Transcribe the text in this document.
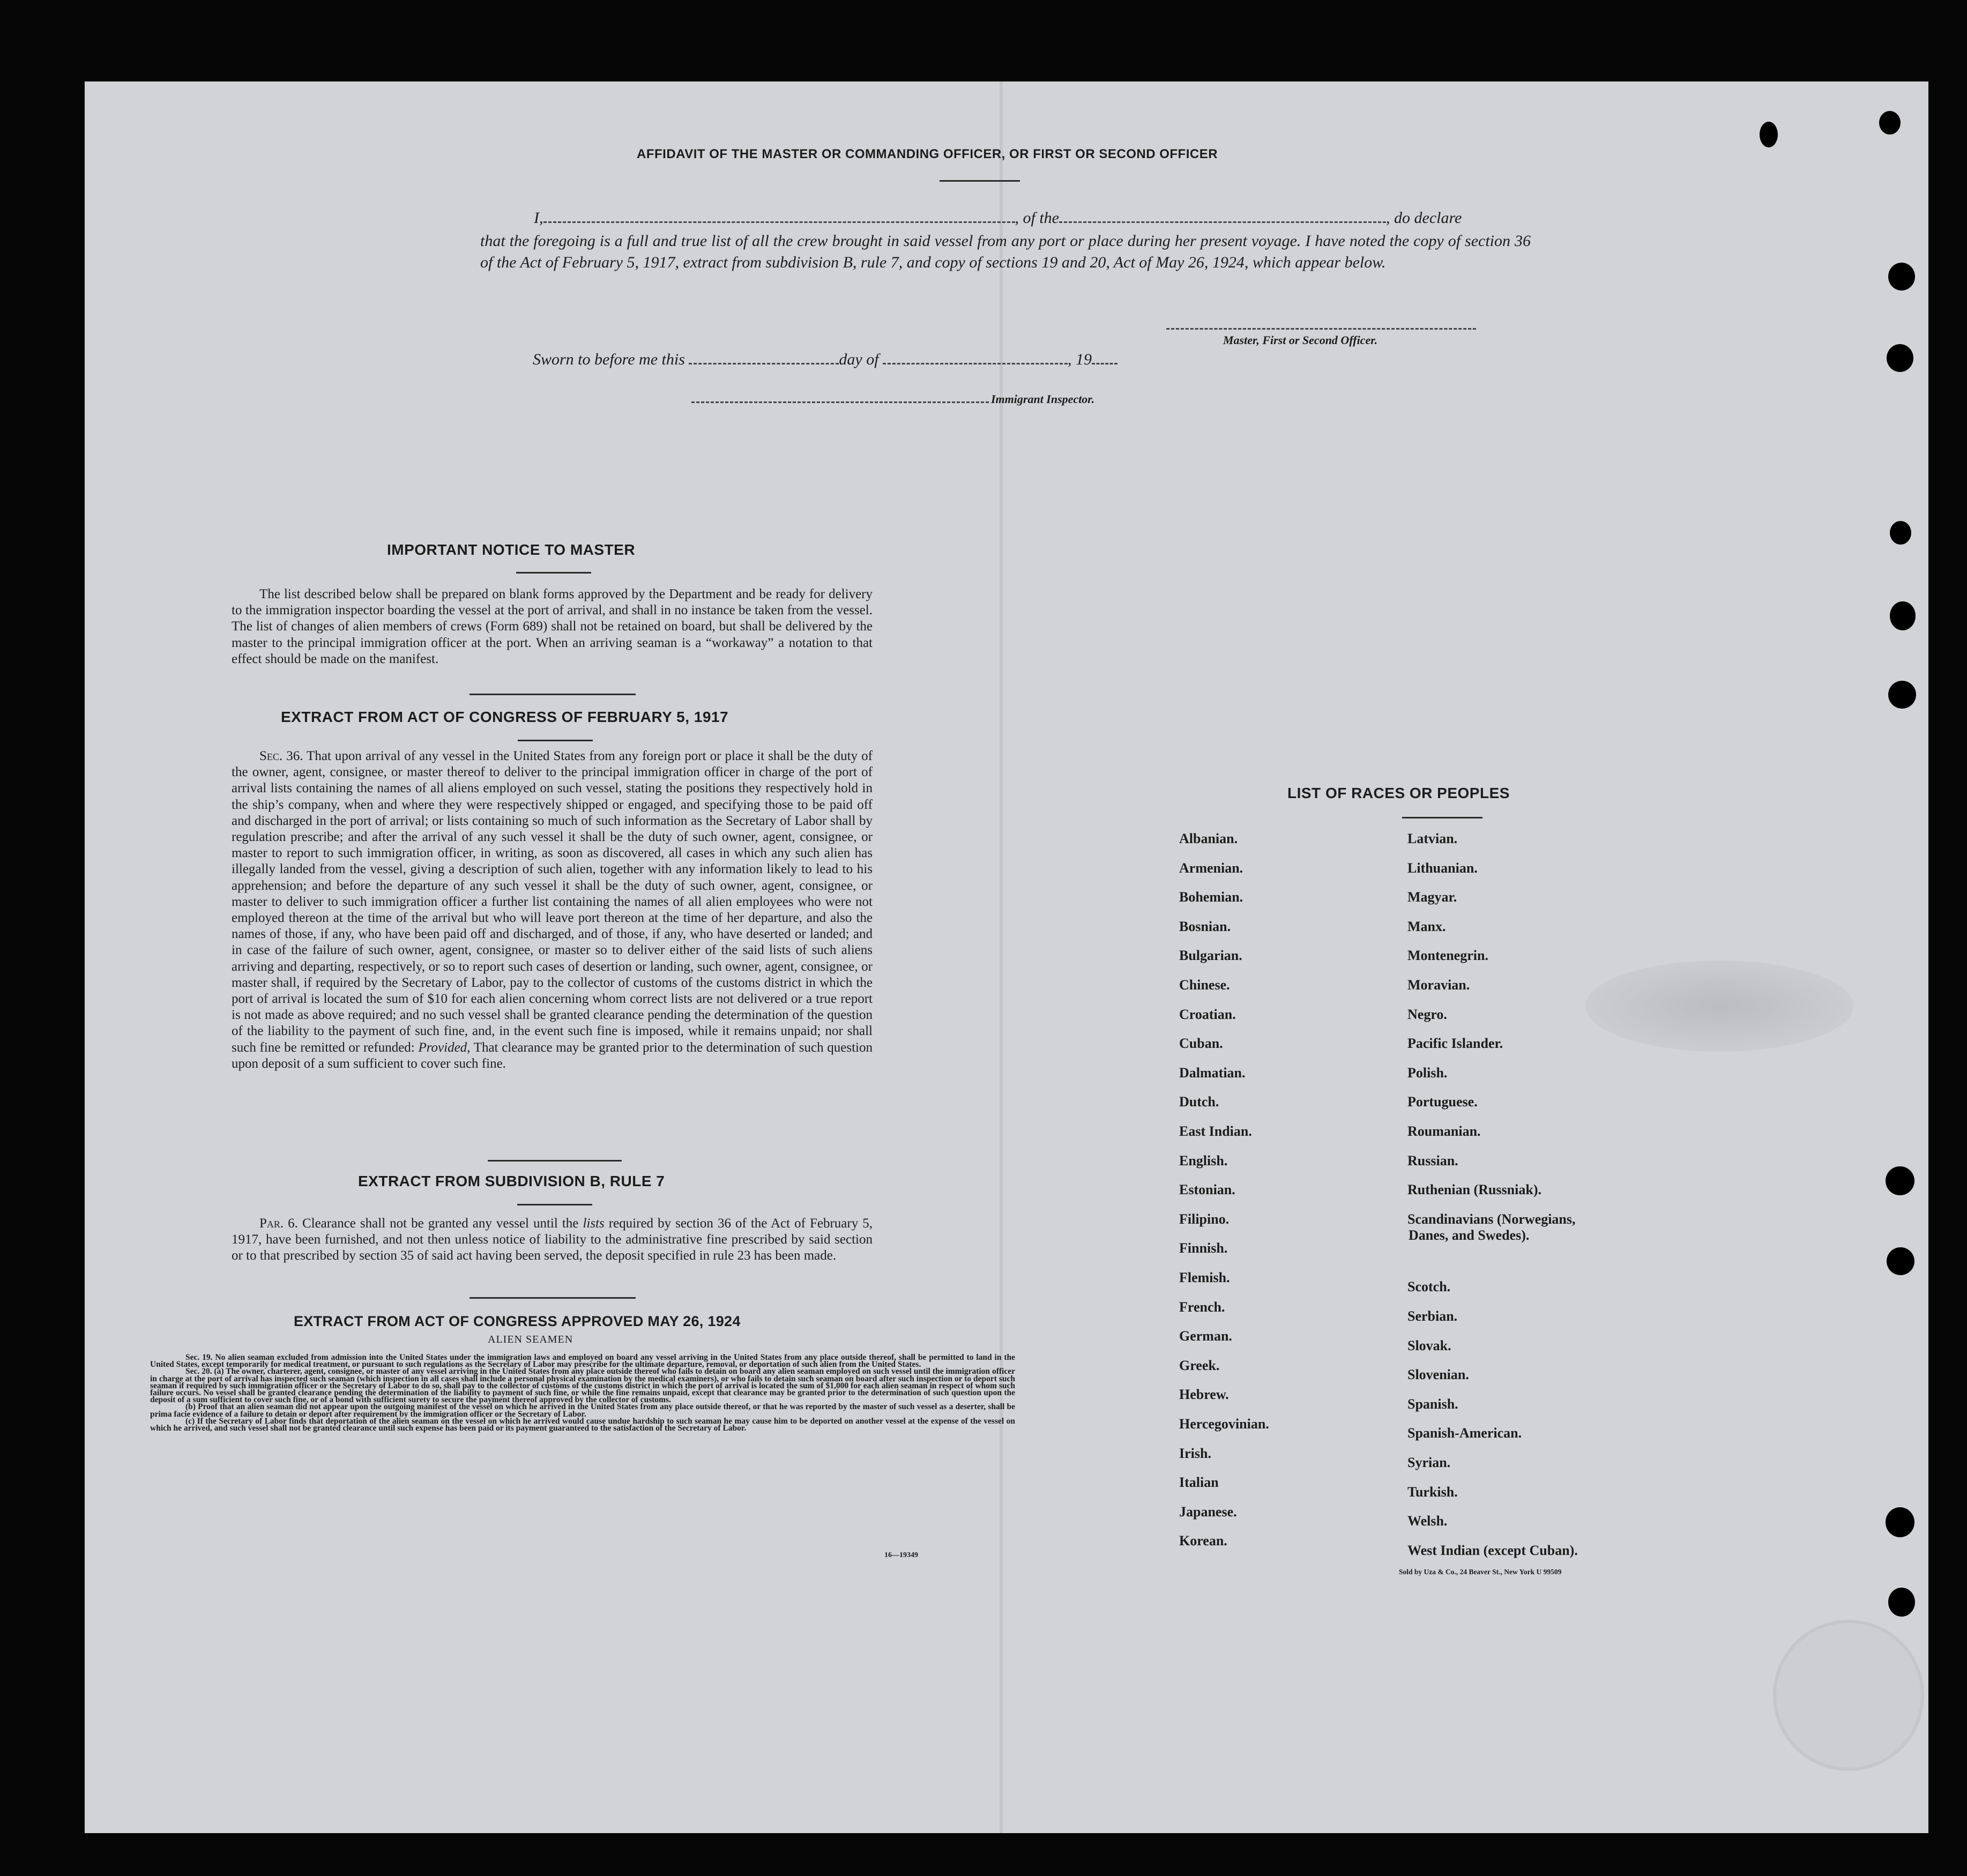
AFFIDAVIT OF THE MASTER OR COMMANDING OFFICER, OR FIRST OR SECOND OFFICER
I,	, of the	, do declare
that the foregoing is a full and true list of all the crew brought in said vessel from any port or place during her present voyage. I have noted the copy of section 36 of the Act of February 5, 1917, extract from subdivision B, rule 7, and copy of sections 19 and 20, Act of May 26, 1924, which appear below.
Master, First or Second Officer.
Sworn to before me this	day of	, 19
Immigrant Inspector.
IMPORTANT NOTICE TO MASTER
The list described below shall be prepared on blank forms approved by the Department and be ready for delivery to the immigration inspector boarding the vessel at the port of arrival, and shall in no instance be taken from the vessel. The list of changes of alien members of crews (Form 689) shall not be retained on board, but shall be delivered by the master to the principal immigration officer at the port. When an arriving seaman is a “workaway” a notation to that effect should be made on the manifest.
EXTRACT FROM ACT OF CONGRESS OF FEBRUARY 5, 1917
Sec. 36. That upon arrival of any vessel in the United States from any foreign port or place it shall be the duty of the owner, agent, consignee, or master thereof to deliver to the principal immigration officer in charge of the port of arrival lists containing the names of all aliens employed on such vessel, stating the positions they respectively hold in the ship’s company, when and where they were respectively shipped or engaged, and specifying those to be paid off and discharged in the port of arrival; or lists containing so much of such information as the Secretary of Labor shall by regulation prescribe; and after the arrival of any such vessel it shall be the duty of such owner, agent, consignee, or master to report to such immigration officer, in writing, as soon as discovered, all cases in which any such alien has illegally landed from the vessel, giving a description of such alien, together with any information likely to lead to his apprehension; and before the departure of any such vessel it shall be the duty of such owner, agent, consignee, or master to deliver to such immigration officer a further list containing the names of all alien employees who were not employed thereon at the time of the arrival but who will leave port thereon at the time of her departure, and also the names of those, if any, who have been paid off and discharged, and of those, if any, who have deserted or landed; and in case of the failure of such owner, agent, consignee, or master so to deliver either of the said lists of such aliens arriving and departing, respectively, or so to report such cases of desertion or landing, such owner, agent, consignee, or master shall, if required by the Secretary of Labor, pay to the collector of customs of the customs district in which the port of arrival is located the sum of $10 for each alien concerning whom correct lists are not delivered or a true report is not made as above required; and no such vessel shall be granted clearance pending the determination of the question of the liability to the payment of such fine, and, in the event such fine is imposed, while it remains unpaid; nor shall such fine be remitted or refunded: Provided, That clearance may be granted prior to the determination of such question upon deposit of a sum sufficient to cover such fine.
EXTRACT FROM SUBDIVISION B, RULE 7
Par. 6. Clearance shall not be granted any vessel until the lists required by section 36 of the Act of February 5, 1917, have been furnished, and not then unless notice of liability to the administrative fine prescribed by said section or to that prescribed by section 35 of said act having been served, the deposit specified in rule 23 has been made.
EXTRACT FROM ACT OF CONGRESS APPROVED MAY 26, 1924
ALIEN SEAMEN
Sec. 19. No alien seaman excluded from admission into the United States under the immigration laws and employed on board any vessel arriving in the United States from any place outside thereof, shall be permitted to land in the United States, except temporarily for medical treatment, or pursuant to such regulations as the Secretary of Labor may prescribe for the ultimate departure, removal, or deportation of such alien from the United States.
Sec. 20. (a) The owner, charterer, agent, consignee, or master of any vessel arriving in the United States from any place outside thereof who fails to detain on board any alien seaman employed on such vessel until the immigration officer in charge at the port of arrival has inspected such seaman (which inspection in all cases shall include a personal physical examination by the medical examiners), or who fails to detain such seaman on board after such inspection or to deport such seaman if required by such immigration officer or the Secretary of Labor to do so, shall pay to the collector of customs of the customs district in which the port of arrival is located the sum of $1,000 for each alien seaman in respect of whom such failure occurs. No vessel shall be granted clearance pending the determination of the liability to payment of such fine, or while the fine remains unpaid, except that clearance may be granted prior to the determination of such question upon the deposit of a sum sufficient to cover such fine, or of a bond with sufficient surety to secure the payment thereof approved by the collector of customs.
(b) Proof that an alien seaman did not appear upon the outgoing manifest of the vessel on which he arrived in the United States from any place outside thereof, or that he was reported by the master of such vessel as a deserter, shall be prima facie evidence of a failure to detain or deport after requirement by the immigration officer or the Secretary of Labor.
(c) If the Secretary of Labor finds that deportation of the alien seaman on the vessel on which he arrived would cause undue hardship to such seaman he may cause him to be deported on another vessel at the expense of the vessel on which he arrived, and such vessel shall not be granted clearance until such expense has been paid or its payment guaranteed to the satisfaction of the Secretary of Labor.
16—19349
LIST OF RACES OR PEOPLES
Sold by Uza & Co., 24 Beaver St., New York U 99509
Albanian.
Armenian.
Bohemian.
Bosnian.
Bulgarian.
Chinese.
Croatian.
Cuban.
Dalmatian.
Dutch.
East Indian.
English.
Estonian.
Filipino.
Finnish.
Flemish.
French.
German.
Greek.
Hebrew.
Hercegovinian.
Irish.
Italian
Japanese.
Korean.
Latvian.
Lithuanian.
Magyar.
Manx.
Montenegrin.
Moravian.
Negro.
Pacific Islander.
Polish.
Portuguese.
Roumanian.
Russian.
Ruthenian (Russniak).
Scandinavians (Norwegians,
Danes, and Swedes).
Scotch.
Serbian.
Slovak.
Slovenian.
Spanish.
Spanish-American.
Syrian.
Turkish.
Welsh.
West Indian (except Cuban).
